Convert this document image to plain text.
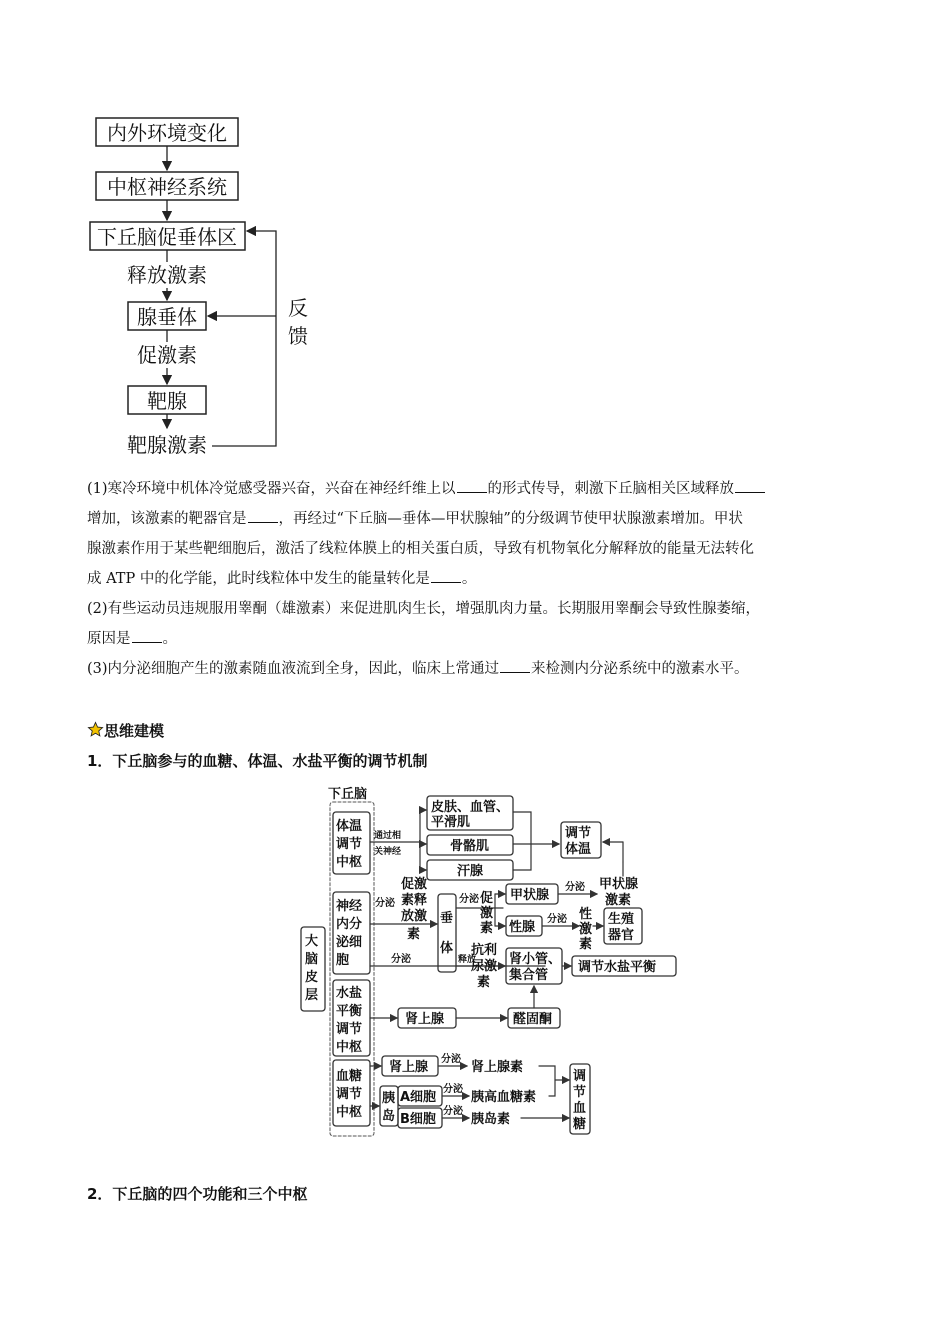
内外环境变化
中枢神经系统
下丘脑促垂体区
释放激素
腺垂体
促激素
靶腺
靶腺激素
反
馈
(1)寒冷环境中机体冷觉感受器兴奋，兴奋在神经纤维上以 的形式传导，刺激下丘脑相关区域释放
增加，该激素的靶器官是 ，再经过“下丘脑—垂体—甲状腺轴”的分级调节使甲状腺激素增加。甲状
腺激素作用于某些靶细胞后，激活了线粒体膜上的相关蛋白质，导致有机物氧化分解释放的能量无法转化
成 ATP 中的化学能，此时线粒体中发生的能量转化是 。
(2)有些运动员违规服用睾酮（雄激素）来促进肌肉生长，增强肌肉力量。长期服用睾酮会导致性腺萎缩，
原因是 。
(3)内分泌细胞产生的激素随血液流到全身，因此，临床上常通过 来检测内分泌系统中的激素水平。
思维建模
1．下丘脑参与的血糖、体温、水盐平衡的调节机制
下丘脑
大
脑
皮
层
体温
调节
中枢
神经
内分
泌细
胞
水盐
平衡
调节
中枢
血糖
调节
中枢
通过相
关神经
皮肤、血管、
平滑肌
骨骼肌
汗腺
调节
体温
分泌
促激
素释
放激
素
分泌
垂
体
分泌 促
激
素
甲状腺
分泌 甲状腺
激素
性腺
分泌 性
激
素
生殖
器官
释放
抗利
尿激
素
肾小管、
集合管
调节水盐平衡
肾上腺	醛固酮
肾上腺
分泌
肾上腺素
胰
岛
A细胞
B细胞
分泌
胰高血糖素
分泌
胰岛素
调
节
血
糖
2．下丘脑的四个功能和三个中枢
